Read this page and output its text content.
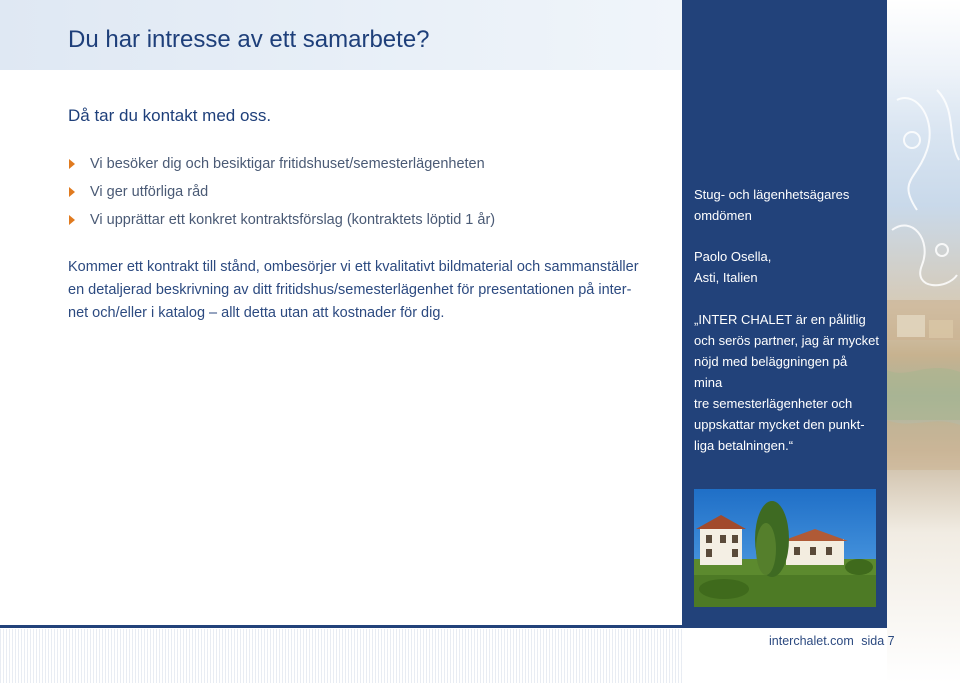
Du har intresse av ett samarbete?
Då tar du kontakt med oss.
Vi besöker dig och besiktigar fritidshuset/semesterlägenheten
Vi ger utförliga råd
Vi upprättar ett konkret kontraktsförslag (kontraktets löptid 1 år)
Kommer ett kontrakt till stånd, ombesörjer vi ett kvalitativt bildmaterial och sammanställer
en detaljerad beskrivning av ditt fritidshus/semesterlägenhet för presentationen på inter-
net och/eller i katalog – allt detta utan att kostnader för dig.
Stug- och lägenhetsägares
omdömen
Paolo Osella,
Asti, Italien
„INTER CHALET är en pålitlig
och serös partner, jag är mycket
nöjd med beläggningen på mina
tre semesterlägenheter och
uppskattar mycket den punkt-
liga betalningen.“
interchalet.com sida 7
